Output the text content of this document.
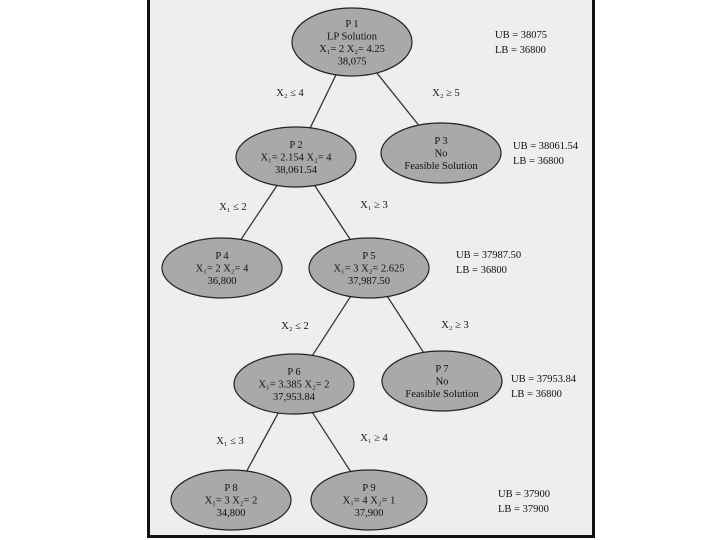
X₂ ≤ 4	X₂ ≥ 5
X₁ ≤ 2	X₁ ≥ 3
X₂ ≤ 2	X₂ ≥ 3
X₁ ≤ 3	X₁ ≥ 4
P 1
LP Solution
X₁= 2 X₂= 4.25
38,075
P 2
X₁= 2.154 X₂= 4
38,061.54
P 3
No
Feasible Solution
P 4
X₁= 2 X₂= 4
36,800
P 5
X₁= 3 X₂= 2.625
37,987.50
P 6
X₁= 3.385 X₂= 2
37,953.84
P 7
No
Feasible Solution
P 8
X₁= 3 X₂= 2
34,800
P 9
X₁= 4 X₂= 1
37,900
UB = 38075
LB = 36800
UB = 38061.54
LB = 36800
UB = 37987.50
LB = 36800
UB = 37953.84
LB = 36800
UB = 37900
LB = 37900
